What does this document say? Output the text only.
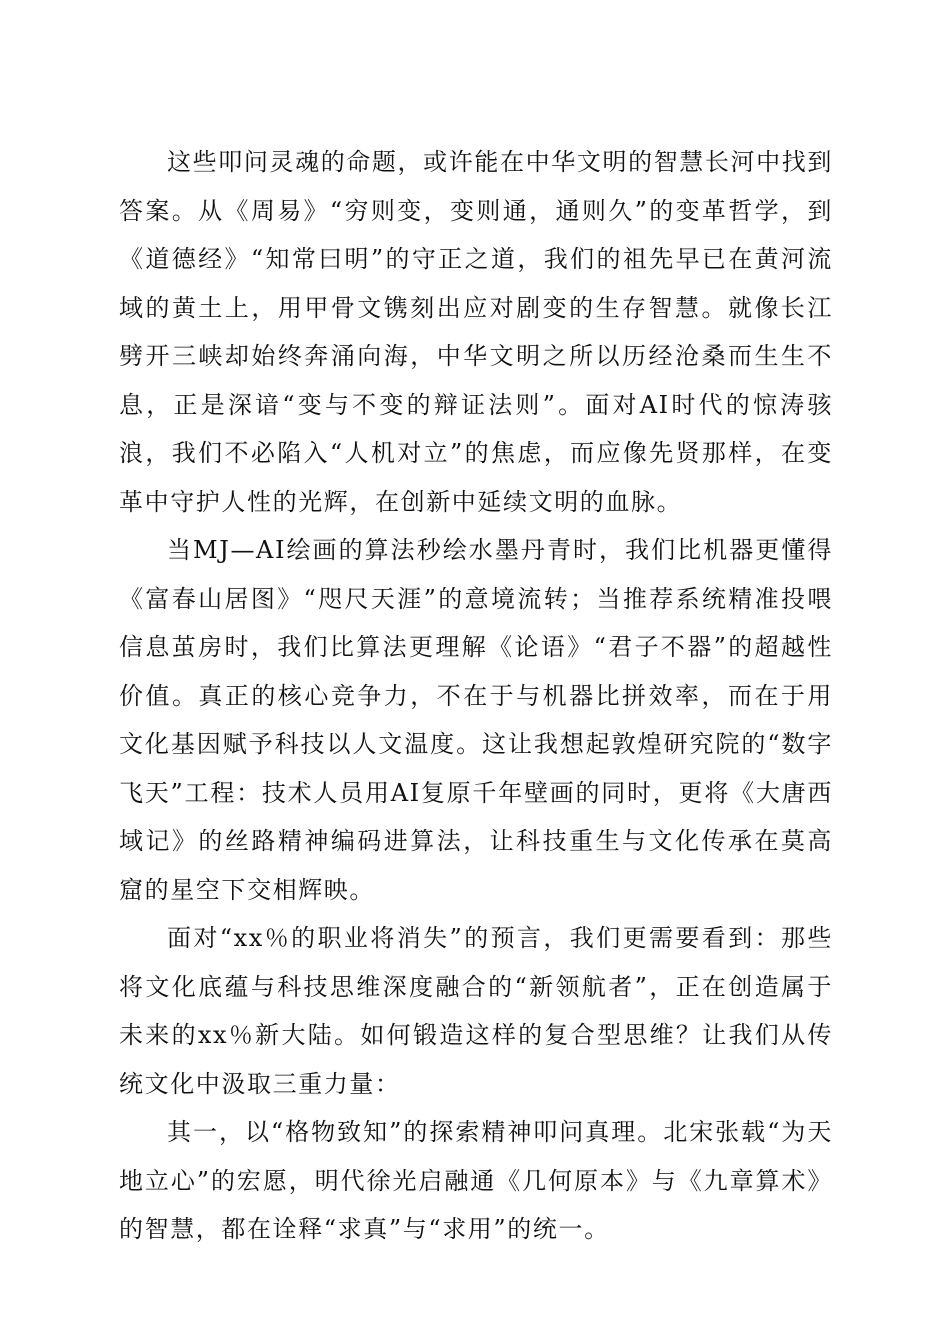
这些叩问灵魂的命题，或许能在中华文明的智慧长河中找到答案。从《周易》“穷则变，变则通，通则久”的变革哲学，到《道德经》“知常曰明”的守正之道，我们的祖先早已在黄河流域的黄土上，用甲骨文镌刻出应对剧变的生存智慧。就像长江劈开三峡却始终奔涌向海，中华文明之所以历经沧桑而生生不息，正是深谙“变与不变的辩证法则”。面对AI时代的惊涛骇浪，我们不必陷入“人机对立”的焦虑，而应像先贤那样，在变革中守护人性的光辉，在创新中延续文明的血脉。

当MJ—AI绘画的算法秒绘水墨丹青时，我们比机器更懂得《富春山居图》“咫尺天涯”的意境流转；当推荐系统精准投喂信息茧房时，我们比算法更理解《论语》“君子不器”的超越性价值。真正的核心竞争力，不在于与机器比拼效率，而在于用文化基因赋予科技以人文温度。这让我想起敦煌研究院的“数字飞天”工程：技术人员用AI复原千年壁画的同时，更将《大唐西域记》的丝路精神编码进算法，让科技重生与文化传承在莫高窟的星空下交相辉映。

面对“xx％的职业将消失”的预言，我们更需要看到：那些将文化底蕴与科技思维深度融合的“新领航者”，正在创造属于未来的xx％新大陆。如何锻造这样的复合型思维？让我们从传统文化中汲取三重力量：

其一，以“格物致知”的探索精神叩问真理。北宋张载“为天地立心”的宏愿，明代徐光启融通《几何原本》与《九章算术》的智慧，都在诠释“求真”与“求用”的统一。
